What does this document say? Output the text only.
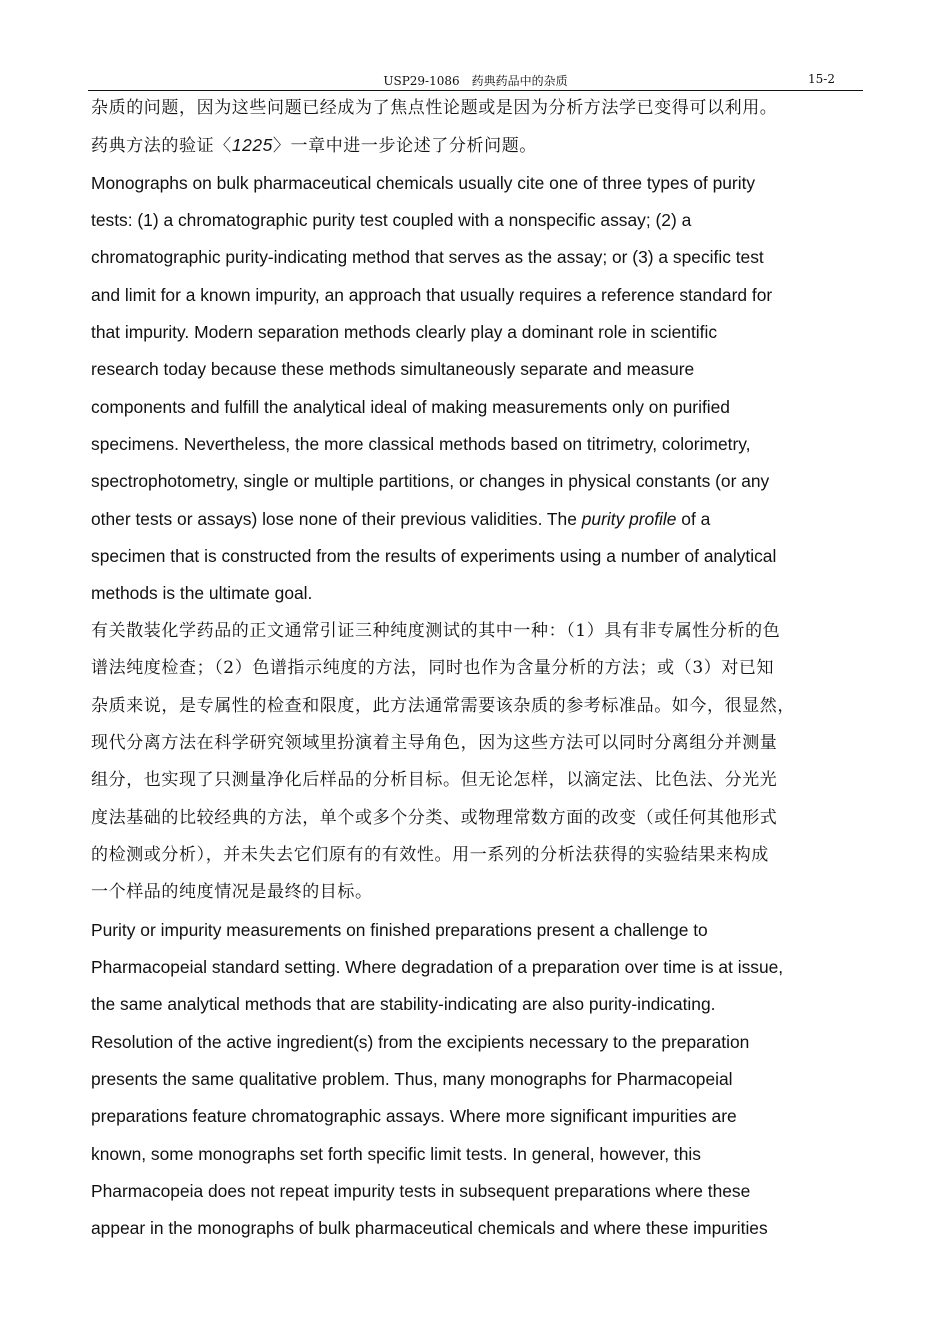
USP29-1086　药典药品中的杂质	15-2
杂质的问题，因为这些问题已经成为了焦点性论题或是因为分析方法学已变得可以利用。
药典方法的验证〈1225〉一章中进一步论述了分析问题。
Monographs on bulk pharmaceutical chemicals usually cite one of three types of purity
tests: (1) a chromatographic purity test coupled with a nonspecific assay; (2) a
chromatographic purity-indicating method that serves as the assay; or (3) a specific test
and limit for a known impurity, an approach that usually requires a reference standard for
that impurity. Modern separation methods clearly play a dominant role in scientific
research today because these methods simultaneously separate and measure
components and fulfill the analytical ideal of making measurements only on purified
specimens. Nevertheless, the more classical methods based on titrimetry, colorimetry,
spectrophotometry, single or multiple partitions, or changes in physical constants (or any
other tests or assays) lose none of their previous validities. The purity profile of a
specimen that is constructed from the results of experiments using a number of analytical
methods is the ultimate goal.
有关散装化学药品的正文通常引证三种纯度测试的其中一种：（1）具有非专属性分析的色
谱法纯度检查；（2）色谱指示纯度的方法，同时也作为含量分析的方法；或（3）对已知
杂质来说，是专属性的检查和限度，此方法通常需要该杂质的参考标准品。如今，很显然，
现代分离方法在科学研究领域里扮演着主导角色，因为这些方法可以同时分离组分并测量
组分，也实现了只测量净化后样品的分析目标。但无论怎样，以滴定法、比色法、分光光
度法基础的比较经典的方法，单个或多个分类、或物理常数方面的改变（或任何其他形式
的检测或分析），并未失去它们原有的有效性。用一系列的分析法获得的实验结果来构成
一个样品的纯度情况是最终的目标。
Purity or impurity measurements on finished preparations present a challenge to
Pharmacopeial standard setting. Where degradation of a preparation over time is at issue,
the same analytical methods that are stability-indicating are also purity-indicating.
Resolution of the active ingredient(s) from the excipients necessary to the preparation
presents the same qualitative problem. Thus, many monographs for Pharmacopeial
preparations feature chromatographic assays. Where more significant impurities are
known, some monographs set forth specific limit tests. In general, however, this
Pharmacopeia does not repeat impurity tests in subsequent preparations where these
appear in the monographs of bulk pharmaceutical chemicals and where these impurities
